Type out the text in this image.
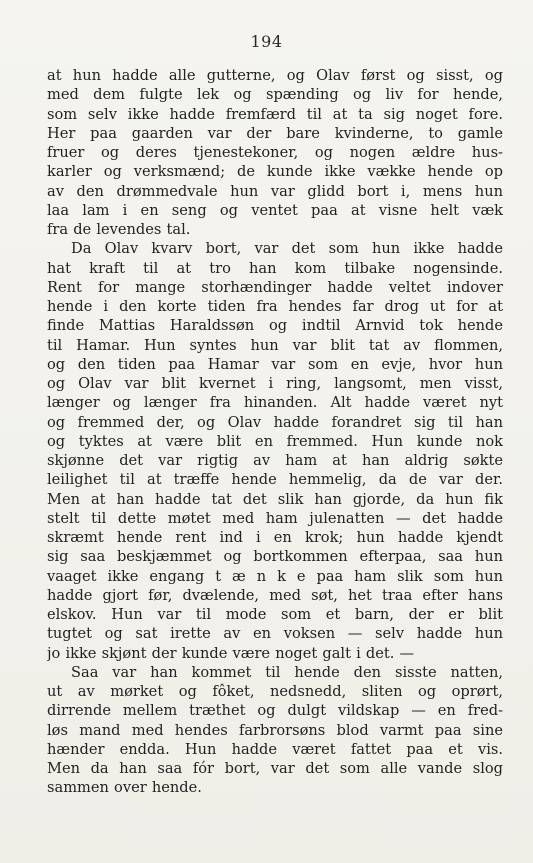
194
at hun hadde alle gutterne, og Olav først og sisst, og
med dem fulgte lek og spænding og liv for hende,
som selv ikke hadde fremfærd til at ta sig noget fore.
Her paa gaarden var der bare kvinderne, to gamle
fruer og deres tjenestekoner, og nogen ældre hus-
karler og verksmænd; de kunde ikke vække hende op
av den drømmedvale hun var glidd bort i, mens hun
laa lam i en seng og ventet paa at visne helt væk
fra de levendes tal.
Da Olav kvarv bort, var det som hun ikke hadde
hat kraft til at tro han kom tilbake nogensinde.
Rent for mange storhændinger hadde veltet indover
hende i den korte tiden fra hendes far drog ut for at
finde Mattias Haraldssøn og indtil Arnvid tok hende
til Hamar. Hun syntes hun var blit tat av flommen,
og den tiden paa Hamar var som en evje, hvor hun
og Olav var blit kvernet i ring, langsomt, men visst,
længer og længer fra hinanden. Alt hadde været nyt
og fremmed der, og Olav hadde forandret sig til han
og tyktes at være blit en fremmed. Hun kunde nok
skjønne det var rigtig av ham at han aldrig søkte
leilighet til at træffe hende hemmelig, da de var der.
Men at han hadde tat det slik han gjorde, da hun fik
stelt til dette møtet med ham julenatten — det hadde
skræmt hende rent ind i en krok; hun hadde kjendt
sig saa beskjæmmet og bortkommen efterpaa, saa hun
vaaget ikke engang t æ n k e paa ham slik som hun
hadde gjort før, dvælende, med søt, het traa efter hans
elskov. Hun var til mode som et barn, der er blit
tugtet og sat irette av en voksen — selv hadde hun
jo ikke skjønt der kunde være noget galt i det. —
Saa var han kommet til hende den sisste natten,
ut av mørket og fôket, nedsnedd, sliten og oprørt,
dirrende mellem træthet og dulgt vildskap — en fred-
løs mand med hendes farbrorsøns blod varmt paa sine
hænder endda. Hun hadde været fattet paa et vis.
Men da han saa fór bort, var det som alle vande slog
sammen over hende.
